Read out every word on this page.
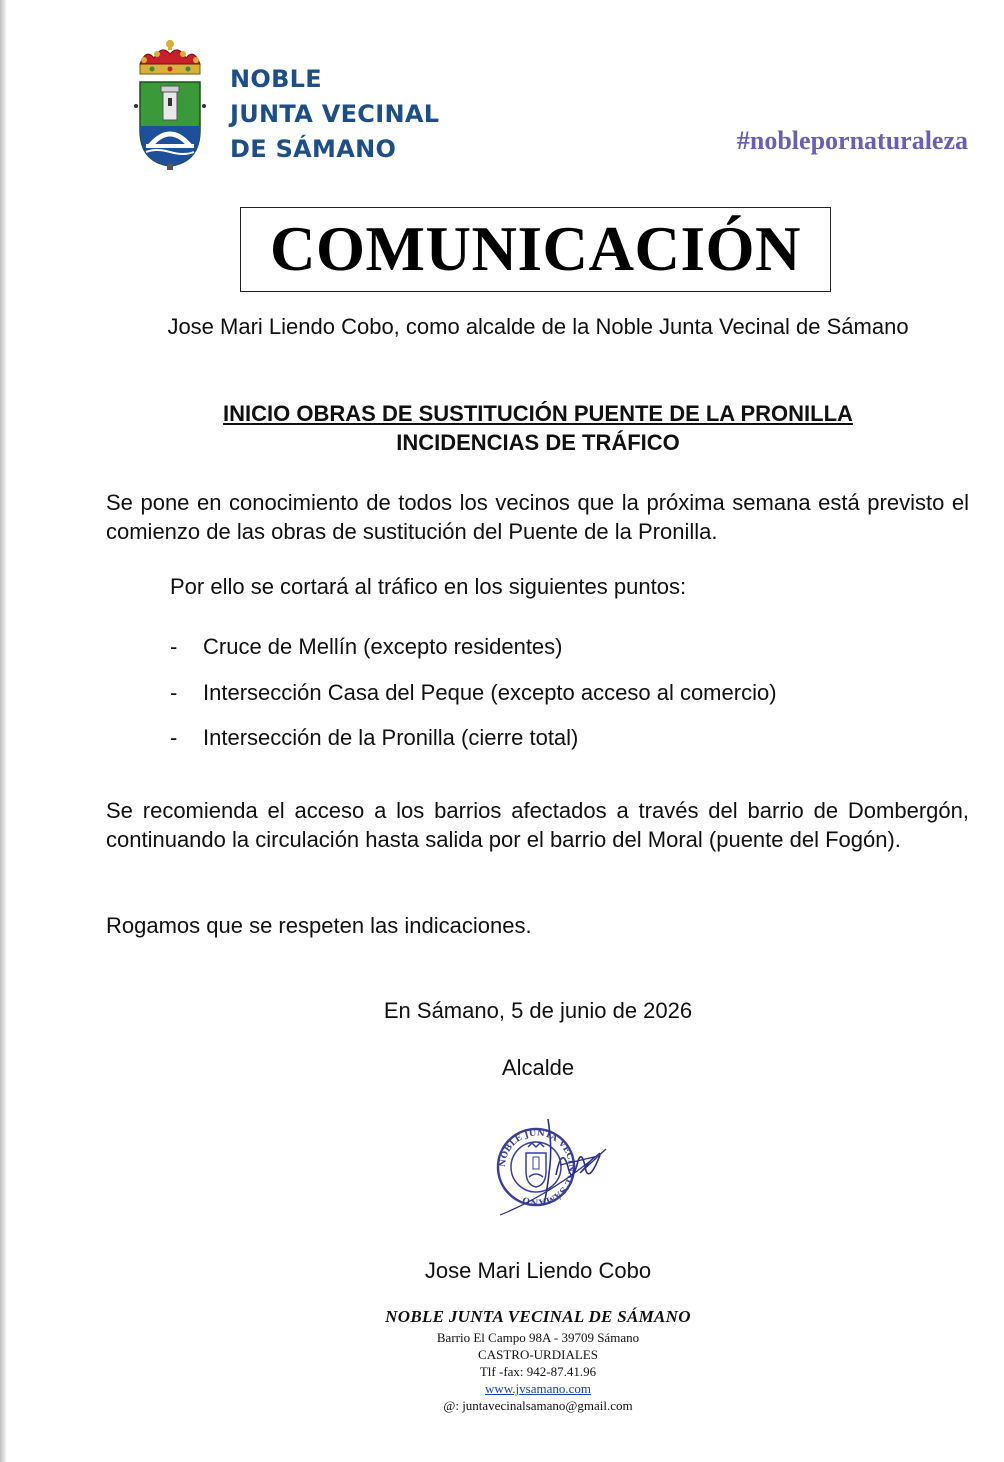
NOBLE
JUNTA VECINAL
DE SÁMANO	#noblepornaturaleza
COMUNICACIÓN
Jose Mari Liendo Cobo, como alcalde de la Noble Junta Vecinal de Sámano
INICIO OBRAS DE SUSTITUCIÓN PUENTE DE LA PRONILLA
INCIDENCIAS DE TRÁFICO
Se pone en conocimiento de todos los vecinos que la próxima semana está previsto el comienzo de las obras de sustitución del Puente de la Pronilla.
Por ello se cortará al tráfico en los siguientes puntos:
-	Cruce de Mellín (excepto residentes)
-	Intersección Casa del Peque (excepto acceso al comercio)
-	Intersección de la Pronilla (cierre total)
Se recomienda el acceso a los barrios afectados a través del barrio de Dombergón, continuando la circulación hasta salida por el barrio del Moral (puente del Fogón).
Rogamos que se respeten las indicaciones.
En Sámano, 5 de junio de 2026
Alcalde
NOBLE JUNTA VECINAL SÁMANO
Jose Mari Liendo Cobo
NOBLE JUNTA VECINAL DE SÁMANO
Barrio El Campo 98A - 39709 Sámano
CASTRO-URDIALES
Tlf -fax: 942-87.41.96
www.jvsamano.com
@: juntavecinalsamano@gmail.com
